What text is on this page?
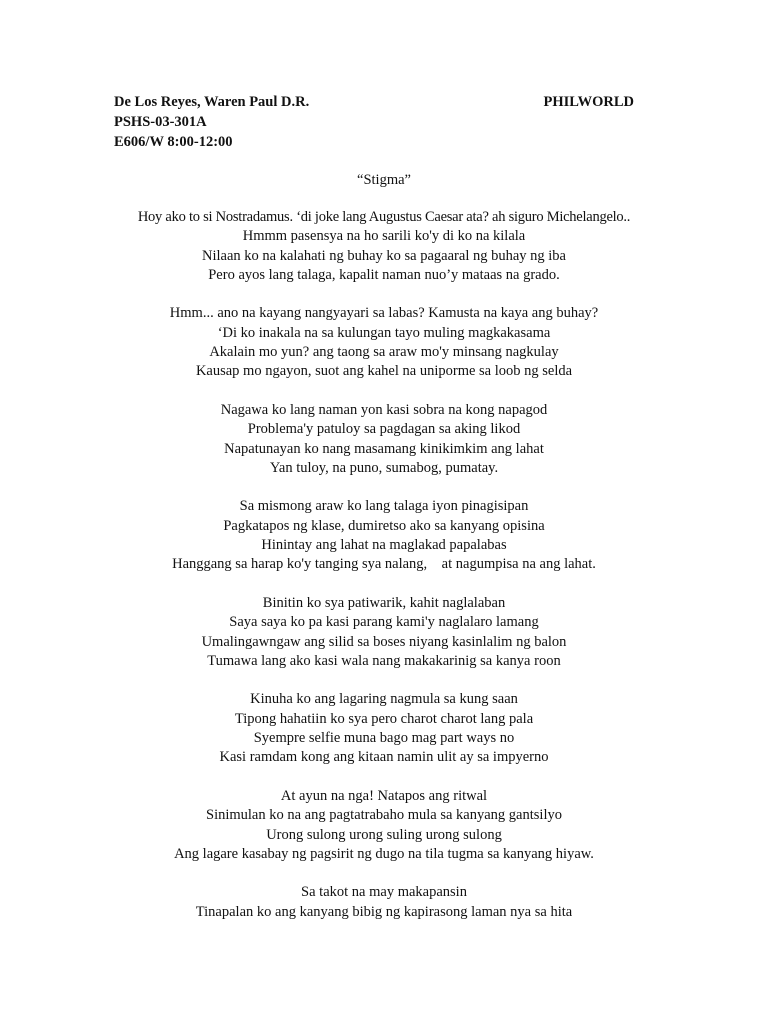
De Los Reyes, Waren Paul D.R.	PHILWORLD
PSHS-03-301A
E606/W 8:00-12:00
“Stigma”
Hoy ako to si Nostradamus. ‘di joke lang Augustus Caesar ata? ah siguro Michelangelo..
Hmmm pasensya na ho sarili ko'y di ko na kilala
Nilaan ko na kalahati ng buhay ko sa pagaaral ng buhay ng iba
Pero ayos lang talaga, kapalit naman nuo’y mataas na grado.
Hmm... ano na kayang nangyayari sa labas? Kamusta na kaya ang buhay?
‘Di ko inakala na sa kulungan tayo muling magkakasama
Akalain mo yun? ang taong sa araw mo'y minsang nagkulay
Kausap mo ngayon, suot ang kahel na uniporme sa loob ng selda
Nagawa ko lang naman yon kasi sobra na kong napagod
Problema'y patuloy sa pagdagan sa aking likod
Napatunayan ko nang masamang kinikimkim ang lahat
Yan tuloy, na puno, sumabog, pumatay.
Sa mismong araw ko lang talaga iyon pinagisipan
Pagkatapos ng klase, dumiretso ako sa kanyang opisina
Hinintay ang lahat na maglakad papalabas
Hanggang sa harap ko'y tanging sya nalang,    at nagumpisa na ang lahat.
Binitin ko sya patiwarik, kahit naglalaban
Saya saya ko pa kasi parang kami'y naglalaro lamang
Umalingawngaw ang silid sa boses niyang kasinlalim ng balon
Tumawa lang ako kasi wala nang makakarinig sa kanya roon
Kinuha ko ang lagaring nagmula sa kung saan
Tipong hahatiin ko sya pero charot charot lang pala
Syempre selfie muna bago mag part ways no
Kasi ramdam kong ang kitaan namin ulit ay sa impyerno
At ayun na nga! Natapos ang ritwal
Sinimulan ko na ang pagtatrabaho mula sa kanyang gantsilyo
Urong sulong urong suling urong sulong
Ang lagare kasabay ng pagsirit ng dugo na tila tugma sa kanyang hiyaw.
Sa takot na may makapansin
Tinapalan ko ang kanyang bibig ng kapirasong laman nya sa hita
